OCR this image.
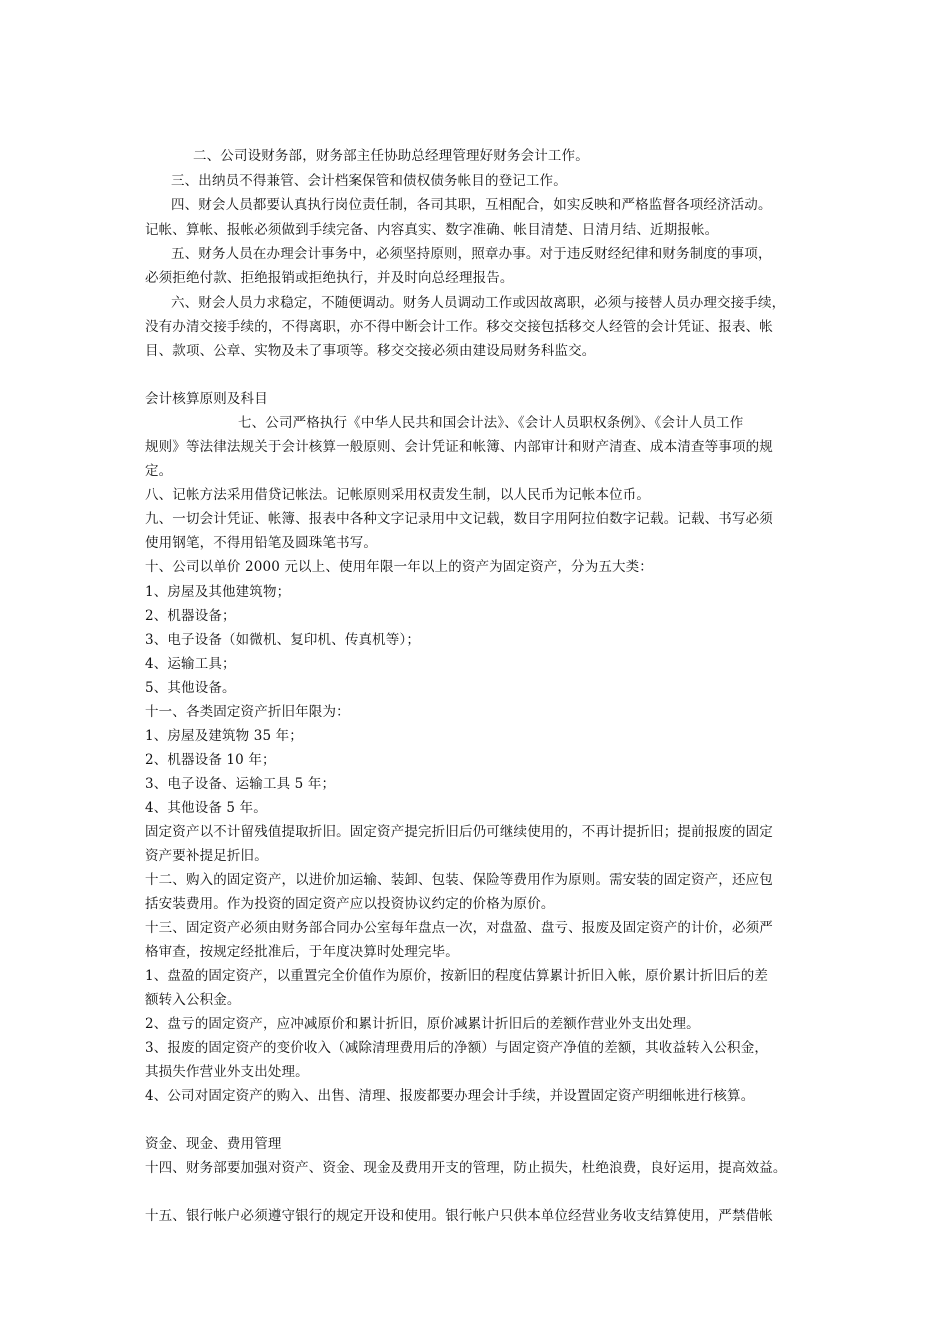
二、公司设财务部，财务部主任协助总经理管理好财务会计工作。
三、出纳员不得兼管、会计档案保管和债权债务帐目的登记工作。
四、财会人员都要认真执行岗位责任制，各司其职，互相配合，如实反映和严格监督各项经济活动。
记帐、算帐、报帐必须做到手续完备、内容真实、数字准确、帐目清楚、日清月结、近期报帐。
五、财务人员在办理会计事务中，必须坚持原则，照章办事。对于违反财经纪律和财务制度的事项，
必须拒绝付款、拒绝报销或拒绝执行，并及时向总经理报告。
六、财会人员力求稳定，不随便调动。财务人员调动工作或因故离职，必须与接替人员办理交接手续，
没有办清交接手续的，不得离职，亦不得中断会计工作。移交交接包括移交人经管的会计凭证、报表、帐
目、款项、公章、实物及未了事项等。移交交接必须由建设局财务科监交。
会计核算原则及科目
七、公司严格执行《中华人民共和国会计法》、《会计人员职权条例》、《会计人员工作
规则》等法律法规关于会计核算一般原则、会计凭证和帐簿、内部审计和财产清查、成本清查等事项的规
定。
八、记帐方法采用借贷记帐法。记帐原则采用权责发生制，以人民币为记帐本位币。
九、一切会计凭证、帐簿、报表中各种文字记录用中文记载，数目字用阿拉伯数字记载。记载、书写必须
使用钢笔，不得用铅笔及圆珠笔书写。
十、公司以单价 2000 元以上、使用年限一年以上的资产为固定资产，分为五大类：
1、房屋及其他建筑物；
2、机器设备；
3、电子设备（如微机、复印机、传真机等）；
4、运输工具；
5、其他设备。
十一、各类固定资产折旧年限为：
1、房屋及建筑物 35 年；
2、机器设备 10 年；
3、电子设备、运输工具 5 年；
4、其他设备 5 年。
固定资产以不计留残值提取折旧。固定资产提完折旧后仍可继续使用的，不再计提折旧；提前报废的固定
资产要补提足折旧。
十二、购入的固定资产，以进价加运输、装卸、包装、保险等费用作为原则。需安装的固定资产，还应包
括安装费用。作为投资的固定资产应以投资协议约定的价格为原价。
十三、固定资产必须由财务部合同办公室每年盘点一次，对盘盈、盘亏、报废及固定资产的计价，必须严
格审查，按规定经批准后，于年度决算时处理完毕。
1、盘盈的固定资产，以重置完全价值作为原价，按新旧的程度估算累计折旧入帐，原价累计折旧后的差
额转入公积金。
2、盘亏的固定资产，应冲减原价和累计折旧，原价减累计折旧后的差额作营业外支出处理。
3、报废的固定资产的变价收入（减除清理费用后的净额）与固定资产净值的差额，其收益转入公积金，
其损失作营业外支出处理。
4、公司对固定资产的购入、出售、清理、报废都要办理会计手续，并设置固定资产明细帐进行核算。
资金、现金、费用管理
十四、财务部要加强对资产、资金、现金及费用开支的管理，防止损失，杜绝浪费，良好运用，提高效益。
十五、银行帐户必须遵守银行的规定开设和使用。银行帐户只供本单位经营业务收支结算使用，严禁借帐
